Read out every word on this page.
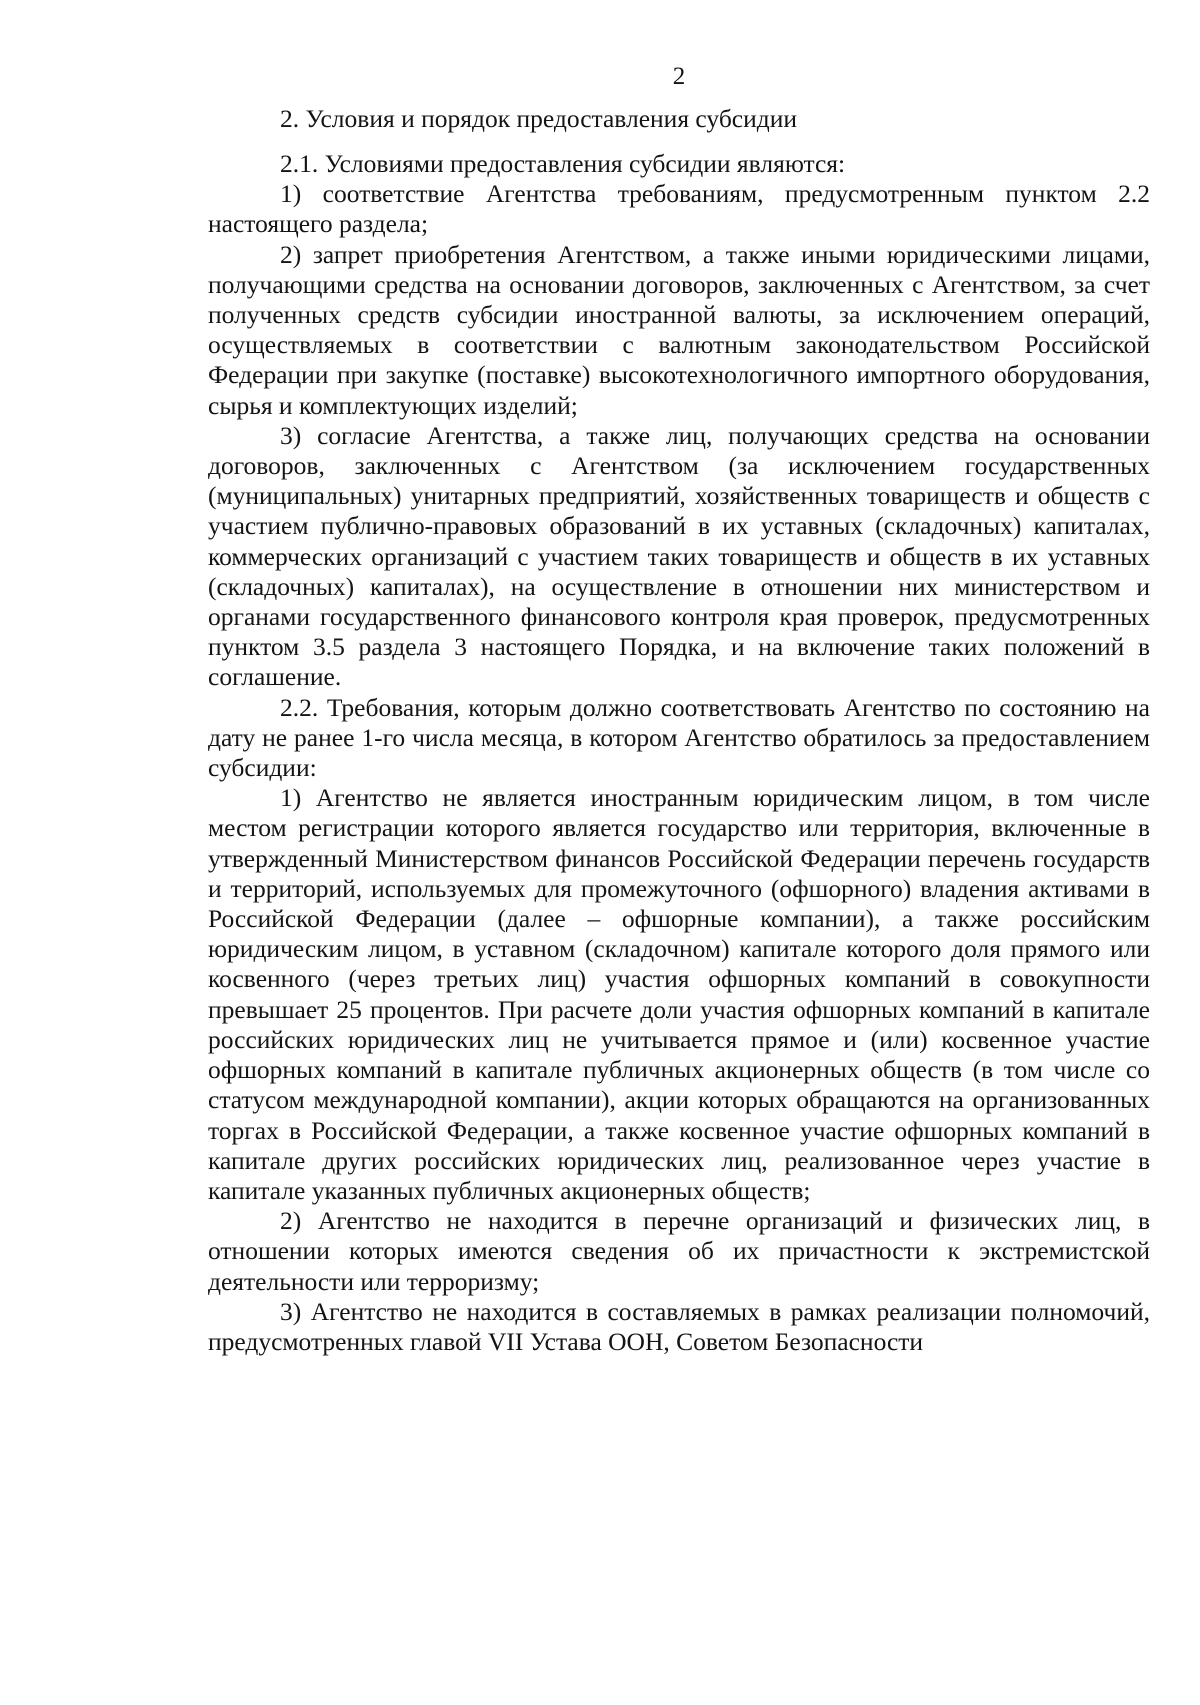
2
2. Условия и порядок предоставления субсидии

2.1. Условиями предоставления субсидии являются:

1) соответствие Агентства требованиям, предусмотренным пунктом 2.2 настоящего раздела;

2) запрет приобретения Агентством, а также иными юридическими лицами, получающими средства на основании договоров, заключенных с Агентством, за счет полученных средств субсидии иностранной валюты, за исключением операций, осуществляемых в соответствии с валютным законодательством Российской Федерации при закупке (поставке) высокотехнологичного импортного оборудования, сырья и комплектующих изделий;

3) согласие Агентства, а также лиц, получающих средства на основании договоров, заключенных с Агентством (за исключением государственных (муниципальных) унитарных предприятий, хозяйственных товариществ и обществ с участием публично-правовых образований в их уставных (складочных) капиталах, коммерческих организаций с участием таких товариществ и обществ в их уставных (складочных) капиталах), на осуществление в отношении них министерством и органами государственного финансового контроля края проверок, предусмотренных пунктом 3.5 раздела 3 настоящего Порядка, и на включение таких положений в соглашение.

2.2. Требования, которым должно соответствовать Агентство по состоянию на дату не ранее 1-го числа месяца, в котором Агентство обратилось за предоставлением субсидии:

1) Агентство не является иностранным юридическим лицом, в том числе местом регистрации которого является государство или территория, включенные в утвержденный Министерством финансов Российской Федерации перечень государств и территорий, используемых для промежуточного (офшорного) владения активами в Российской Федерации (далее – офшорные компании), а также российским юридическим лицом, в уставном (складочном) капитале которого доля прямого или косвенного (через третьих лиц) участия офшорных компаний в совокупности превышает 25 процентов. При расчете доли участия офшорных компаний в капитале российских юридических лиц не учитывается прямое и (или) косвенное участие офшорных компаний в капитале публичных акционерных обществ (в том числе со статусом международной компании), акции которых обращаются на организованных торгах в Российской Федерации, а также косвенное участие офшорных компаний в капитале других российских юридических лиц, реализованное через участие в капитале указанных публичных акционерных обществ;

2) Агентство не находится в перечне организаций и физических лиц, в отношении которых имеются сведения об их причастности к экстремистской деятельности или терроризму;

3) Агентство не находится в составляемых в рамках реализации полномочий, предусмотренных главой VII Устава ООН, Советом Безопасности
